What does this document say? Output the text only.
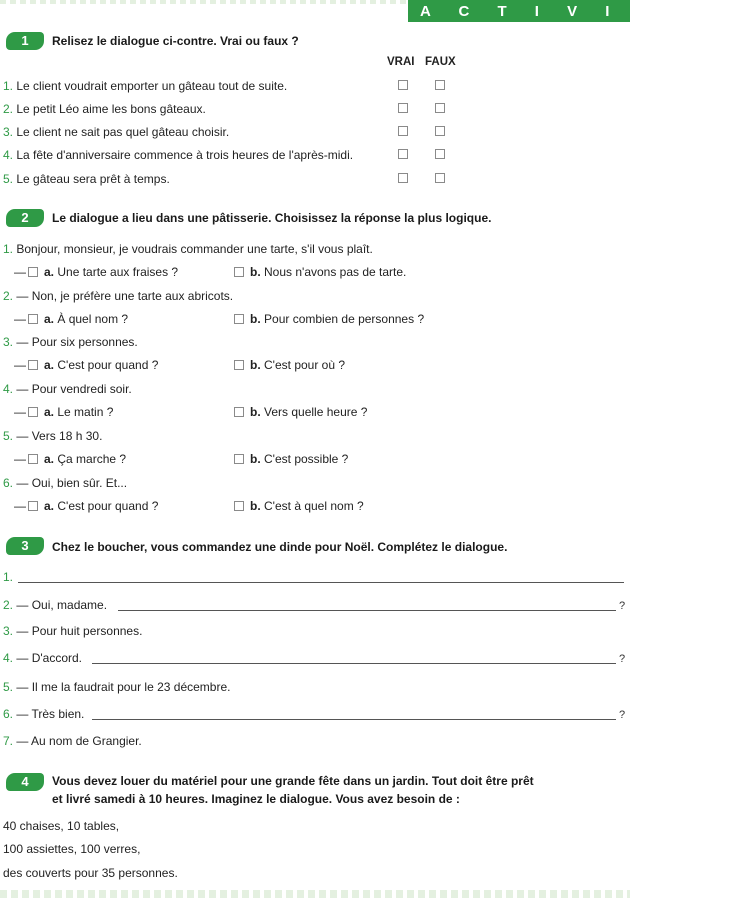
A C T I V I T É S
1	Relisez le dialogue ci-contre. Vrai ou faux ?
VRAI FAUX
1. Le client voudrait emporter un gâteau tout de suite.
2. Le petit Léo aime les bons gâteaux.
3. Le client ne sait pas quel gâteau choisir.
4. La fête d'anniversaire commence à trois heures de l'après-midi.
5. Le gâteau sera prêt à temps.
2	Le dialogue a lieu dans une pâtisserie. Choisissez la réponse la plus logique.
1. Bonjour, monsieur, je voudrais commander une tarte, s'il vous plaît.
— a. Une tarte aux fraises ?	b. Nous n'avons pas de tarte.
2. — Non, je préfère une tarte aux abricots.
— a. À quel nom ?	b. Pour combien de personnes ?
3. — Pour six personnes.
— a. C'est pour quand ?	b. C'est pour où ?
4. — Pour vendredi soir.
— a. Le matin ?	b. Vers quelle heure ?
5. — Vers 18 h 30.
— a. Ça marche ?	b. C'est possible ?
6. — Oui, bien sûr. Et...
— a. C'est pour quand ?	b. C'est à quel nom ?
3	Chez le boucher, vous commandez une dinde pour Noël. Complétez le dialogue.
1.
2. — Oui, madame.	?
3. — Pour huit personnes.
4. — D'accord.	?
5. — Il me la faudrait pour le 23 décembre.
6. — Très bien.	?
7. — Au nom de Grangier.
4	Vous devez louer du matériel pour une grande fête dans un jardin. Tout doit être prêt
et livré samedi à 10 heures. Imaginez le dialogue. Vous avez besoin de :
40 chaises, 10 tables,
100 assiettes, 100 verres,
des couverts pour 35 personnes.
